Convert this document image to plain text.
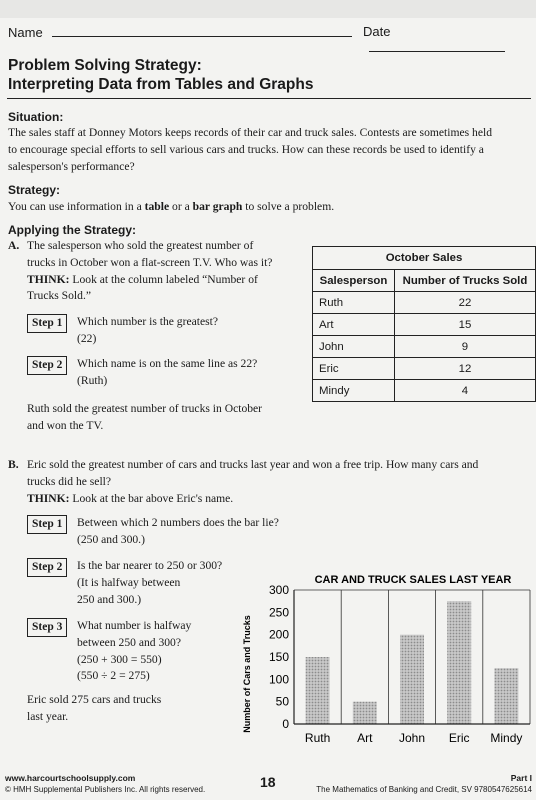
Name	Date
Problem Solving Strategy:
Interpreting Data from Tables and Graphs
Situation:
The sales staff at Donney Motors keeps records of their car and truck sales. Contests are sometimes held
to encourage special efforts to sell various cars and trucks. How can these records be used to identify a
salesperson's performance?
Strategy:
You can use information in a table or a bar graph to solve a problem.
Applying the Strategy:
A. The salesperson who sold the greatest number of
trucks in October won a flat-screen T.V. Who was it?
THINK: Look at the column labeled “Number of
Trucks Sold.”
Step 1	Which number is the greatest?
(22)
Step 2	Which name is on the same line as 22?
(Ruth)
Ruth sold the greatest number of trucks in October
and won the TV.
October Sales	
Salesperson	Number of Trucks Sold
Ruth	22
Art	15
John	9
Eric	12
Mindy	4
B. Eric sold the greatest number of cars and trucks last year and won a free trip. How many cars and
trucks did he sell?
THINK: Look at the bar above Eric's name.
Step 1	Between which 2 numbers does the bar lie?
(250 and 300.)
Step 2	Is the bar nearer to 250 or 300?
(It is halfway between
250 and 300.)
Step 3	What number is halfway
between 250 and 300?
(250 + 300 = 550)
(550 ÷ 2 = 275)
Eric sold 275 cars and trucks
last year.
CAR AND TRUCK SALES LAST YEAR
Number of Cars and Trucks	0
50
100
150
200
250
300
Ruth Art John Eric Mindy
www.harcourtschoolsupply.com
© HMH Supplemental Publishers Inc. All rights reserved.	18	Part I
The Mathematics of Banking and Credit, SV 9780547625614
